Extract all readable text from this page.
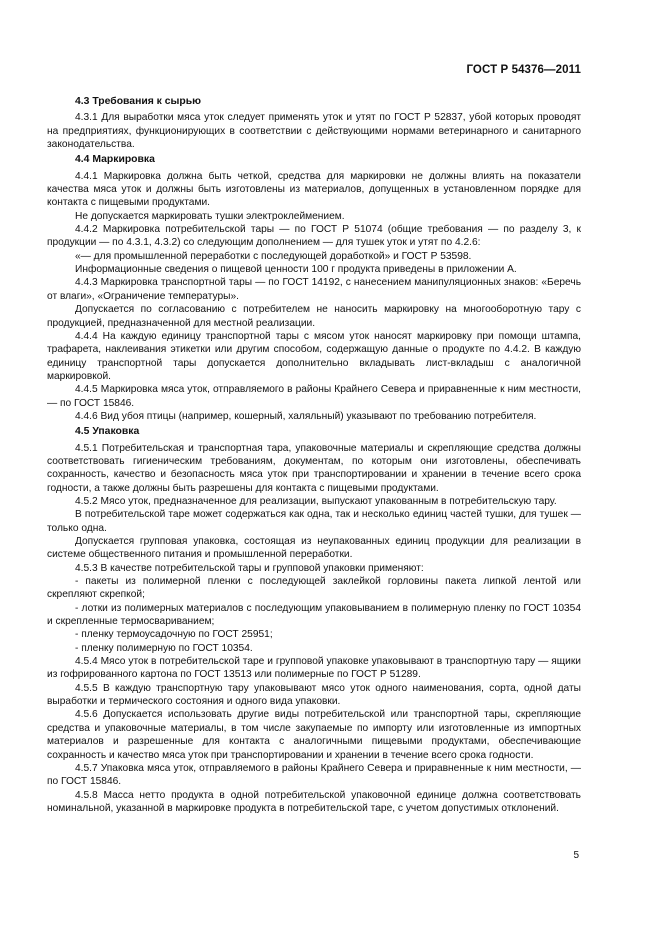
ГОСТ Р 54376—2011
4.3 Требования к сырью

4.3.1 Для выработки мяса уток следует применять уток и утят по ГОСТ Р 52837, убой которых проводят на предприятиях, функционирующих в соответствии с действующими нормами ветеринарного и санитарного законодательства.

4.4 Маркировка

4.4.1 Маркировка должна быть четкой, средства для маркировки не должны влиять на показатели качества мяса уток и должны быть изготовлены из материалов, допущенных в установленном порядке для контакта с пищевыми продуктами.

Не допускается маркировать тушки электроклеймением.

4.4.2 Маркировка потребительской тары — по ГОСТ Р 51074 (общие требования — по разделу 3, к продукции — по 4.3.1, 4.3.2) со следующим дополнением — для тушек уток и утят по 4.2.6:

«— для промышленной переработки с последующей доработкой» и ГОСТ Р 53598.

Информационные сведения о пищевой ценности 100 г продукта приведены в приложении А.

4.4.3 Маркировка транспортной тары — по ГОСТ 14192, с нанесением манипуляционных знаков: «Беречь от влаги», «Ограничение температуры».

Допускается по согласованию с потребителем не наносить маркировку на многооборотную тару с продукцией, предназначенной для местной реализации.

4.4.4 На каждую единицу транспортной тары с мясом уток наносят маркировку при помощи штампа, трафарета, наклеивания этикетки или другим способом, содержащую данные о продукте по 4.4.2. В каждую единицу транспортной тары допускается дополнительно вкладывать лист-вкладыш с аналогичной маркировкой.

4.4.5 Маркировка мяса уток, отправляемого в районы Крайнего Севера и приравненные к ним местности, — по ГОСТ 15846.

4.4.6 Вид убоя птицы (например, кошерный, халяльный) указывают по требованию потребителя.

4.5 Упаковка

4.5.1 Потребительская и транспортная тара, упаковочные материалы и скрепляющие средства должны соответствовать гигиеническим требованиям, документам, по которым они изготовлены, обеспечивать сохранность, качество и безопасность мяса уток при транспортировании и хранении в течение всего срока годности, а также должны быть разрешены для контакта с пищевыми продуктами.

4.5.2 Мясо уток, предназначенное для реализации, выпускают упакованным в потребительскую тару.

В потребительской таре может содержаться как одна, так и несколько единиц частей тушки, для тушек — только одна.

Допускается групповая упаковка, состоящая из неупакованных единиц продукции для реализации в системе общественного питания и промышленной переработки.

4.5.3 В качестве потребительской тары и групповой упаковки применяют:

- пакеты из полимерной пленки с последующей заклейкой горловины пакета липкой лентой или скрепляют скрепкой;

- лотки из полимерных материалов с последующим упаковыванием в полимерную пленку по ГОСТ 10354 и скрепленные термосвариванием;

- пленку термоусадочную по ГОСТ 25951;

- пленку полимерную по ГОСТ 10354.

4.5.4 Мясо уток в потребительской таре и групповой упаковке упаковывают в транспортную тару — ящики из гофрированного картона по ГОСТ 13513 или полимерные по ГОСТ Р 51289.

4.5.5 В каждую транспортную тару упаковывают мясо уток одного наименования, сорта, одной даты выработки и термического состояния и одного вида упаковки.

4.5.6 Допускается использовать другие виды потребительской или транспортной тары, скрепляющие средства и упаковочные материалы, в том числе закупаемые по импорту или изготовленные из импортных материалов и разрешенные для контакта с аналогичными пищевыми продуктами, обеспечивающие сохранность и качество мяса уток при транспортировании и хранении в течение всего срока годности.

4.5.7 Упаковка мяса уток, отправляемого в районы Крайнего Севера и приравненные к ним местности, — по ГОСТ 15846.

4.5.8 Масса нетто продукта в одной потребительской упаковочной единице должна соответствовать номинальной, указанной в маркировке продукта в потребительской таре, с учетом допустимых отклонений.

5
